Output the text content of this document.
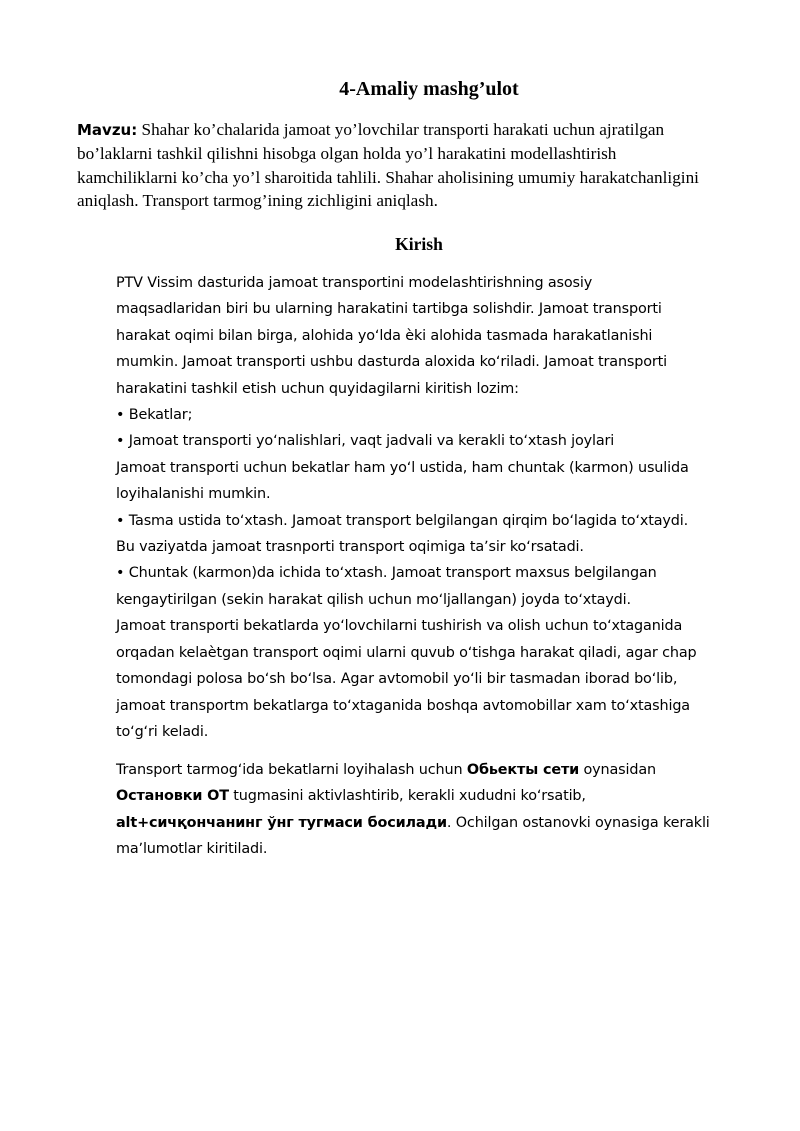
4-Amaliy mashg’ulot
Mavzu: Shahar ko’chalarida jamoat yo’lovchilar transporti harakati uchun ajratilgan
bo’laklarni tashkil qilishni hisobga olgan holda yo’l harakatini modellashtirish
kamchiliklarni ko’cha yo’l sharoitida tahlili. Shahar aholisining umumiy harakatchanligini
aniqlash. Transport tarmog’ining zichligini aniqlash.
Kirish
PTV Vissim dasturida jamoat transportini modelashtirishning asosiy
maqsadlaridan biri bu ularning harakatini tartibga solishdir. Jamoat transporti
harakat oqimi bilan birga, alohida yoʻlda èki alohida tasmada harakatlanishi
mumkin. Jamoat transporti ushbu dasturda aloxida koʻriladi. Jamoat transporti
harakatini tashkil etish uchun quyidagilarni kiritish lozim:
• Bekatlar;
• Jamoat transporti yoʻnalishlari, vaqt jadvali va kerakli toʻxtash joylari
Jamoat transporti uchun bekatlar ham yoʻl ustida, ham chuntak (karmon) usulida
loyihalanishi mumkin.
• Tasma ustida toʻxtash. Jamoat transport belgilangan qirqim boʻlagida toʻxtaydi.
Bu vaziyatda jamoat trasnporti transport oqimiga taʼsir koʻrsatadi.
• Chuntak (karmon)da ichida toʻxtash. Jamoat transport maxsus belgilangan
kengaytirilgan (sekin harakat qilish uchun moʻljallangan) joyda toʻxtaydi.
Jamoat transporti bekatlarda yoʻlovchilarni tushirish va olish uchun toʻxtaganida
orqadan kelaètgan transport oqimi ularni quvub oʻtishga harakat qiladi, agar chap
tomondagi polosa boʻsh boʻlsa. Agar avtomobil yoʻli bir tasmadan iborad boʻlib,
jamoat transportm bekatlarga toʻxtaganida boshqa avtomobillar xam toʻxtashiga
toʻgʻri keladi.
Transport tarmogʻida bekatlarni loyihalash uchun Обьекты сети oynasidan
Остановки ОТ tugmasini aktivlashtirib, kerakli xududni koʻrsatib,
alt+сичқончанинг ўнг тугмаси босилади. Ochilgan ostanovki oynasiga kerakli
maʼlumotlar kiritiladi.
